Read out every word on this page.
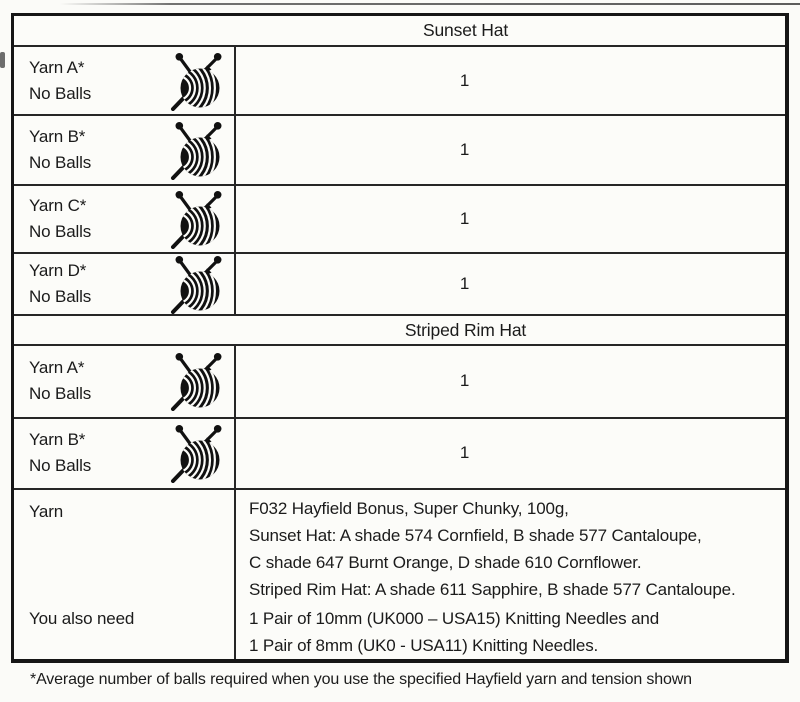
Sunset Hat
Yarn A*
No Balls
1
Yarn B*
No Balls
1
Yarn C*
No Balls
1
Yarn D*
No Balls
1
Striped Rim Hat
Yarn A*
No Balls
1
Yarn B*
No Balls
1
Yarn
You also need
F032 Hayfield Bonus, Super Chunky, 100g,
Sunset Hat: A shade 574 Cornfield, B shade 577 Cantaloupe,
C shade 647 Burnt Orange, D shade 610 Cornflower.
Striped Rim Hat: A shade 611 Sapphire, B shade 577 Cantaloupe.
1 Pair of 10mm (UK000 – USA15) Knitting Needles and
1 Pair of 8mm (UK0 - USA11) Knitting Needles.
*Average number of balls required when you use the specified Hayfield yarn and tension shown
